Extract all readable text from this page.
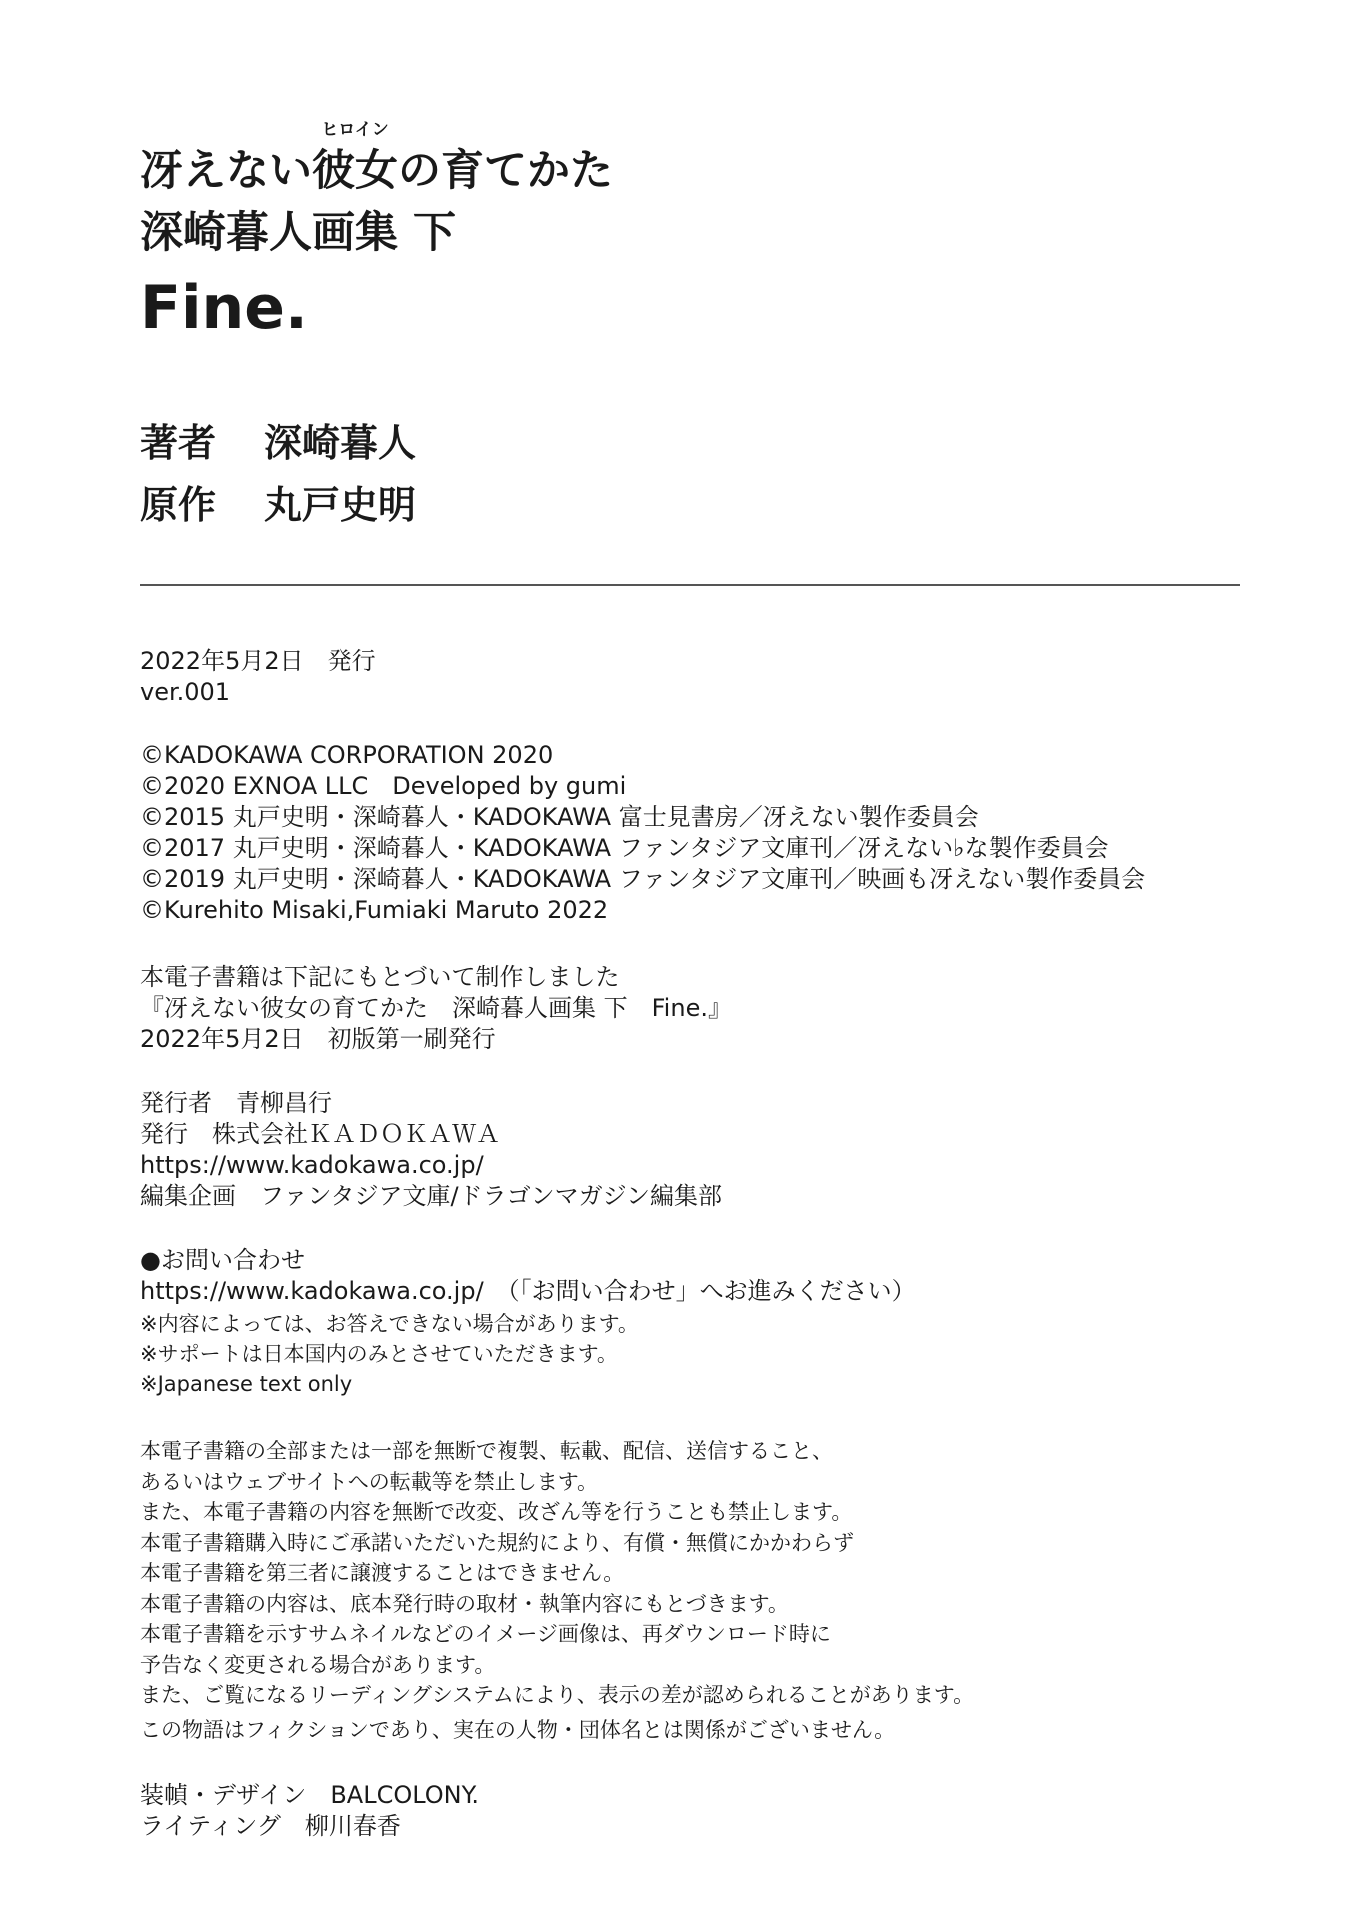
冴えない
ヒロイン
彼女の育てかた
深崎暮人画集 下
Fine.
著者 深崎暮人
原作 丸戸史明
2022年5月2日　発行
ver.001
©KADOKAWA CORPORATION 2020
©2020 EXNOA LLC　Developed by gumi
©2015 丸戸史明・深崎暮人・KADOKAWA 富士見書房／冴えない製作委員会
©2017 丸戸史明・深崎暮人・KADOKAWA ファンタジア文庫刊／冴えない♭な製作委員会
©2019 丸戸史明・深崎暮人・KADOKAWA ファンタジア文庫刊／映画も冴えない製作委員会
©Kurehito Misaki,Fumiaki Maruto 2022
本電子書籍は下記にもとづいて制作しました
『冴えない彼女の育てかた　深崎暮人画集 下　Fine.』
2022年5月2日　初版第一刷発行
発行者　青柳昌行
発行　株式会社ＫＡＤＯＫＡＷＡ
https://www.kadokawa.co.jp/
編集企画　ファンタジア文庫/ドラゴンマガジン編集部
●お問い合わせ
https://www.kadokawa.co.jp/　（「お問い合わせ」へお進みください）
※内容によっては、お答えできない場合があります。
※サポートは日本国内のみとさせていただきます。
※Japanese text only
本電子書籍の全部または一部を無断で複製、転載、配信、送信すること、
あるいはウェブサイトへの転載等を禁止します。
また、本電子書籍の内容を無断で改変、改ざん等を行うことも禁止します。
本電子書籍購入時にご承諾いただいた規約により、有償・無償にかかわらず
本電子書籍を第三者に譲渡することはできません。
本電子書籍の内容は、底本発行時の取材・執筆内容にもとづきます。
本電子書籍を示すサムネイルなどのイメージ画像は、再ダウンロード時に
予告なく変更される場合があります。
また、ご覧になるリーディングシステムにより、表示の差が認められることがあります。
この物語はフィクションであり、実在の人物・団体名とは関係がございません。
装幀・デザイン　BALCOLONY.
ライティング　柳川春香
